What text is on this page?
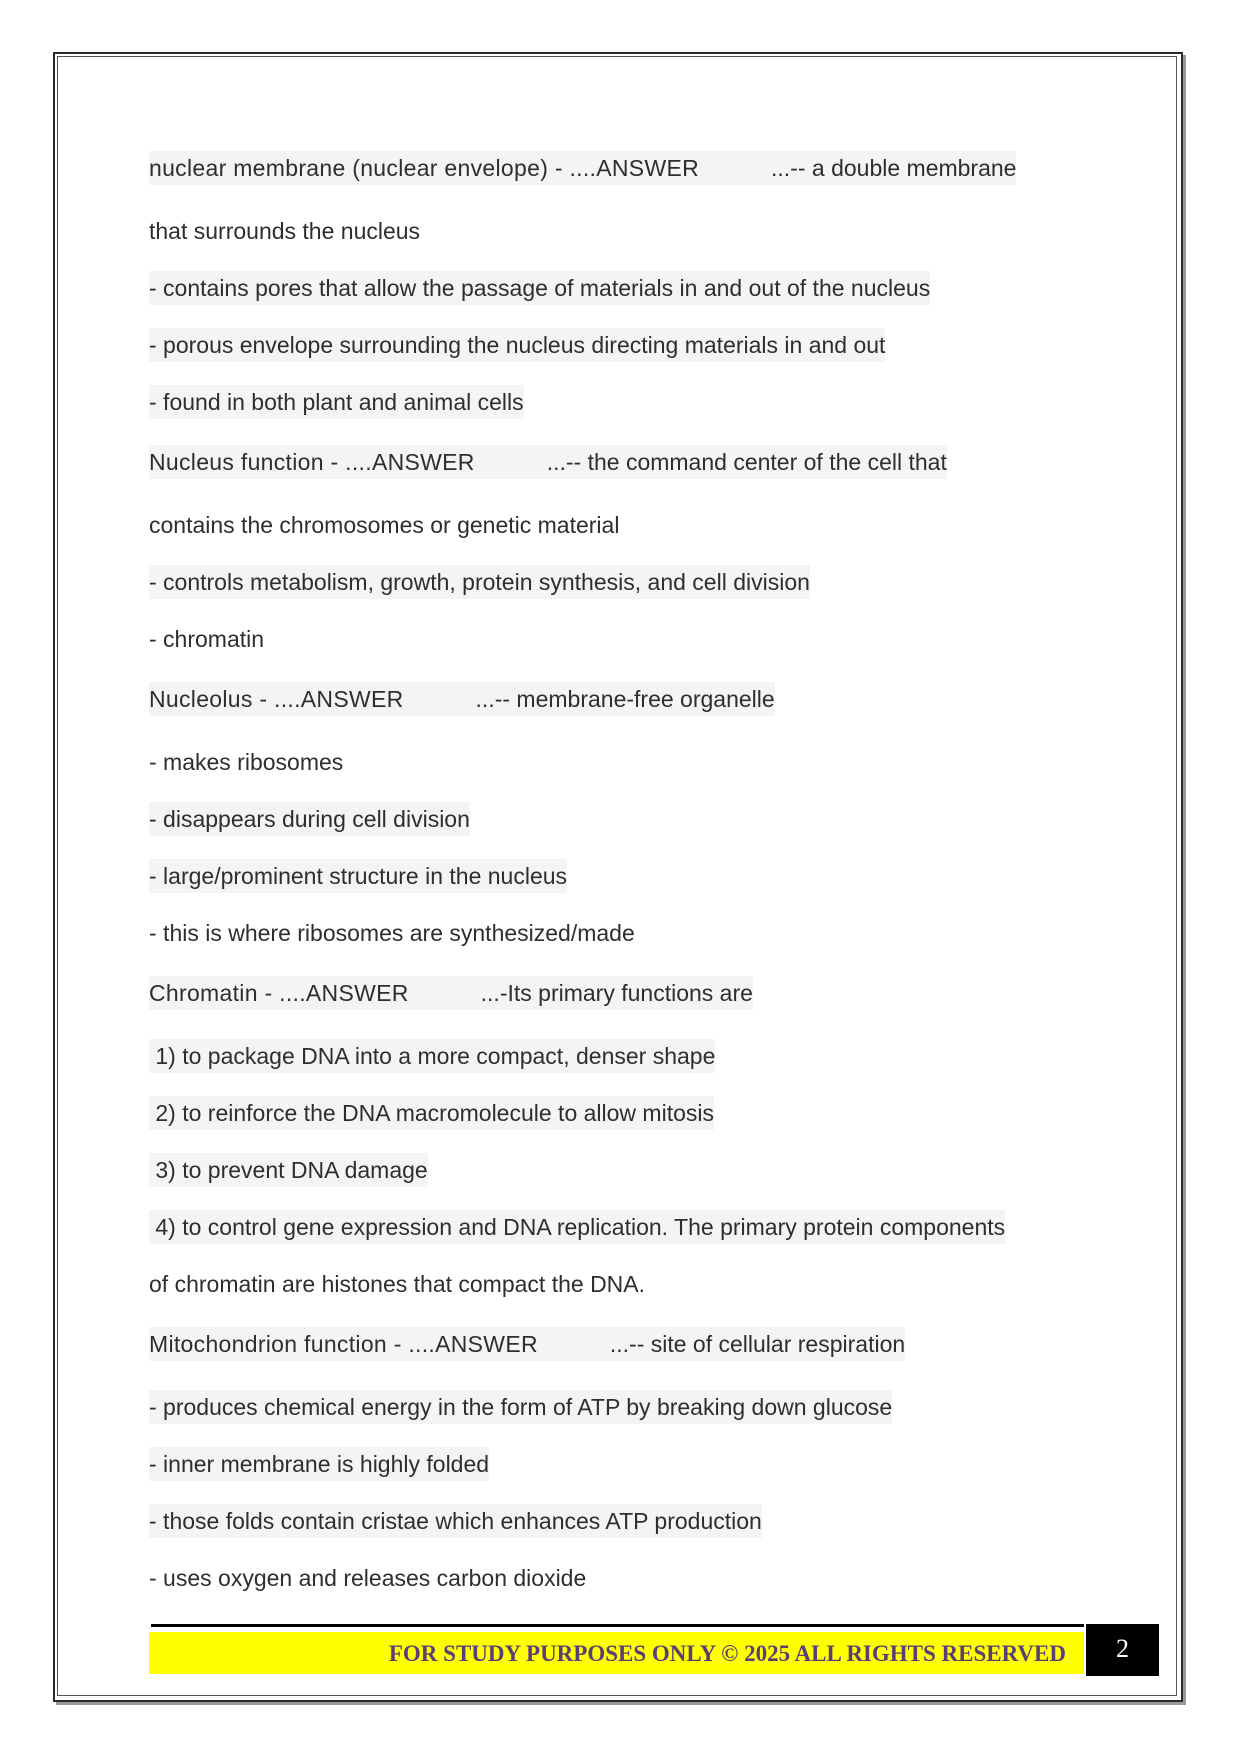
nuclear membrane (nuclear envelope) - ....ANSWER	...-- a double membrane
that surrounds the nucleus
- contains pores that allow the passage of materials in and out of the nucleus
- porous envelope surrounding the nucleus directing materials in and out
- found in both plant and animal cells
Nucleus function - ....ANSWER	...-- the command center of the cell that
contains the chromosomes or genetic material
- controls metabolism, growth, protein synthesis, and cell division
- chromatin
Nucleolus - ....ANSWER	...-- membrane-free organelle
- makes ribosomes
- disappears during cell division
- large/prominent structure in the nucleus
- this is where ribosomes are synthesized/made
Chromatin - ....ANSWER	...-Its primary functions are
1) to package DNA into a more compact, denser shape
2) to reinforce the DNA macromolecule to allow mitosis
3) to prevent DNA damage
4) to control gene expression and DNA replication. The primary protein components
of chromatin are histones that compact the DNA.
Mitochondrion function - ....ANSWER	...-- site of cellular respiration
- produces chemical energy in the form of ATP by breaking down glucose
- inner membrane is highly folded
- those folds contain cristae which enhances ATP production
- uses oxygen and releases carbon dioxide
FOR STUDY PURPOSES ONLY © 2025 ALL RIGHTS RESERVED	2
